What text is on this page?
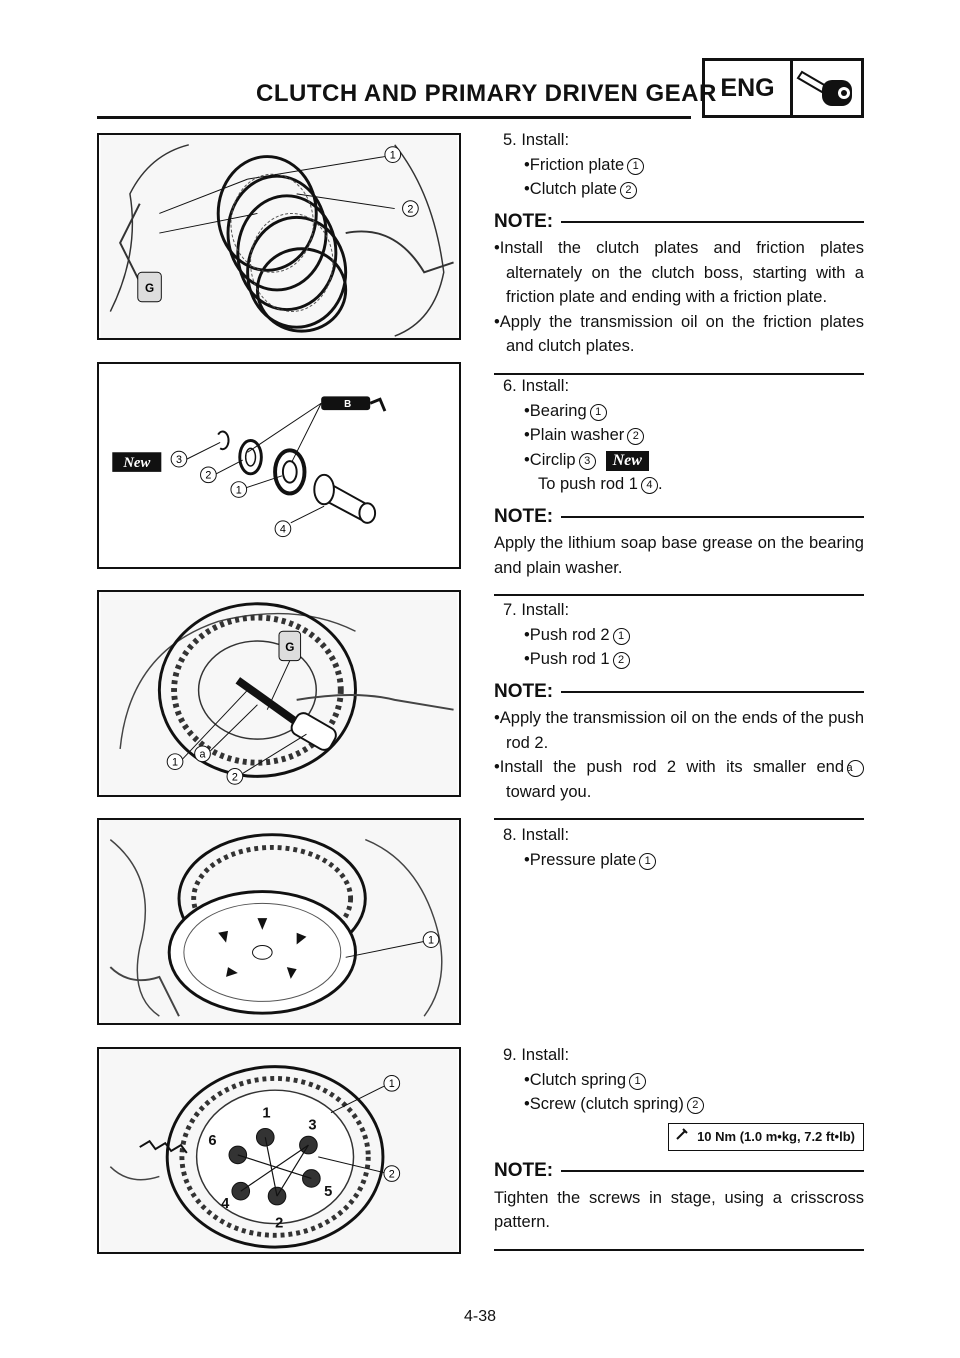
CLUTCH AND PRIMARY DRIVEN GEAR ENG
G
1
2
B
New 3
2
1
4
G
1
a
2
1
1
2
3
4
5
6
1
2
5. Install:
•Friction plate 1
•Clutch plate 2
NOTE:
•Install the clutch plates and friction plates alternately on the clutch boss, starting with a friction plate and ending with a friction plate.
•Apply the transmission oil on the friction plates and clutch plates.
6. Install:
•Bearing 1
•Plain washer 2
•Circlip 3 New
To push rod 1 4 .
NOTE:
Apply the lithium soap base grease on the bearing and plain washer.
7. Install:
•Push rod 2 1
•Push rod 1 2
NOTE:
•Apply the transmission oil on the ends of the push rod 2.
•Install the push rod 2 with its smaller end a toward you.
8. Install:
•Pressure plate 1
9. Install:
•Clutch spring 1
•Screw (clutch spring) 2
10 Nm (1.0 m•kg, 7.2 ft•lb)
NOTE:
Tighten the screws in stage, using a crisscross pattern.
4-38
